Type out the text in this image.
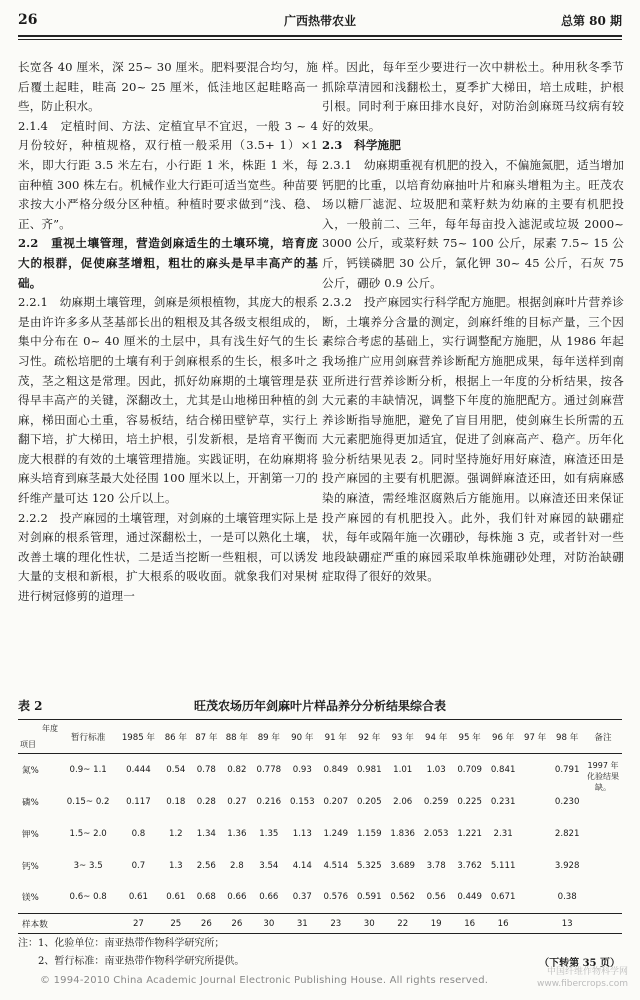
26	广西热带农业	总第 80 期

长宽各 40 厘米，深 25~ 30 厘米。肥料要混合均匀，施后覆土起畦，畦高 20~ 25 厘米，低洼地区起畦略高一些，防止积水。

2.1.4　定植时间、方法、定植宜早不宜迟，一般 3 ~ 4 月份较好，种植规格，双行植一般采用（3.5+ 1）×1 米，即大行距 3.5 米左右，小行距 1 米，株距 1 米，每亩种植 300 株左右。机械作业大行距可适当宽些。种苗要求按大小严格分级分区种植。种植时要求做到“浅、稳、正、齐”。

2.2　重视土壤管理，营造剑麻适生的土壤环境，培育庞大的根群，促使麻茎增粗，粗壮的麻头是早丰高产的基础。

2.2.1　幼麻期土壤管理，剑麻是须根植物，其庞大的根系是由许许多多从茎基部长出的粗根及其各级支根组成的，集中分布在 0~ 40 厘米的土层中，具有浅生好气的生长习性。疏松培肥的土壤有利于剑麻根系的生长，根多叶之茂，茎之粗这是常理。因此，抓好幼麻期的土壤管理是获得早丰高产的关键，深翻改土，尤其是山地梯田种植的剑麻，梯田面心土重，容易板结，结合梯田壁铲草，实行上翻下培，扩大梯田，培土护根，引发新根，是培育平衡而庞大根群的有效的土壤管理措施。实践证明，在幼麻期将麻头培育到麻茎最大处径围 100 厘米以上，开割第一刀的纤维产量可达 120 公斤以上。

2.2.2　投产麻园的土壤管理，对剑麻的土壤管理实际上是对剑麻的根系管理，通过深翻松土，一是可以熟化土壤，改善土壤的理化性状，二是适当挖断一些粗根，可以诱发大量的支根和新根，扩大根系的吸收面。就象我们对果树进行树冠修剪的道理一

样。因此，每年至少要进行一次中耕松土。种用秋冬季节抓除草清园和浅翻松土，夏季扩大梯田，培土成畦，护根引根。同时利于麻田排水良好，对防治剑麻斑马纹病有较好的效果。

2.3　科学施肥

2.3.1　幼麻期重视有机肥的投入，不偏施氮肥，适当增加钙肥的比重，以培育幼麻抽叶片和麻头增粗为主。旺茂农场以糖厂滤泥、垃圾肥和菜籽麸为幼麻的主要有机肥投入，一般前二、三年，每年每亩投入滤泥或垃圾 2000~ 3000 公斤，或菜籽麸 75~ 100 公斤，尿素 7.5~ 15 公斤，钙镁磷肥 30 公斤，氯化钾 30~ 45 公斤，石灰 75 公斤，硼砂 0.9 公斤。

2.3.2　投产麻园实行科学配方施肥。根据剑麻叶片营养诊断，土壤养分含量的测定，剑麻纤维的目标产量，三个因素综合考虑的基础上，实行调整配方施肥，从 1986 年起我场推广应用剑麻营养诊断配方施肥成果，每年送样到南亚所进行营养诊断分析，根据上一年度的分析结果，按各大元素的丰缺情况，调整下年度的施肥配方。通过剑麻营养诊断指导施肥，避免了盲目用肥，使剑麻生长所需的五大元素肥施得更加适宜，促进了剑麻高产、稳产。历年化验分析结果见表 2。同时坚持施好用好麻渣，麻渣还田是投产麻园的主要有机肥源。强调鲜麻渣还田，如有病麻感染的麻渣，需经堆沤腐熟后方能施用。以麻渣还田来保证投产麻园的有机肥投入。此外，我们针对麻园的缺硼症状，每年或隔年施一次硼砂，每株施 3 克，或者针对一些地段缺硼症严重的麻园采取单株施硼砂处理，对防治缺硼症取得了很好的效果。

表 2	旺茂农场历年剑麻叶片样品养分分析结果综合表
年度
项目	暂行标准	1985 年	86 年	87 年	88 年	89 年	90 年	91 年	92 年	93 年	94 年	95 年	96 年	97 年	98 年	备注
氮%	0.9~ 1.1	0.444	0.54	0.78	0.82	0.778	0.93	0.849	0.981	1.01	1.03	0.709	0.841		0.791	1997 年化验结果缺。
磷%	0.15~ 0.2	0.117	0.18	0.28	0.27	0.216	0.153	0.207	0.205	2.06	0.259	0.225	0.231		0.230	
钾%	1.5~ 2.0	0.8	1.2	1.34	1.36	1.35	1.13	1.249	1.159	1.836	2.053	1.221	2.31		2.821	
钙%	3~ 3.5	0.7	1.3	2.56	2.8	3.54	4.14	4.514	5.325	3.689	3.78	3.762	5.111		3.928	
镁%	0.6~ 0.8	0.61	0.61	0.68	0.66	0.66	0.37	0.576	0.591	0.562	0.56	0.449	0.671		0.38	
样本数		27	25	26	26	30	31	23	30	22	19	16	16		13	
注：1、化验单位：南亚热带作物科学研究所；
　　2、暂行标准：南亚热带作物科学研究所提供。	（下转第 35 页）
© 1994-2010 China Academic Journal Electronic Publishing House. All rights reserved.
中国纤维作物科学网
www.fibercrops.com
